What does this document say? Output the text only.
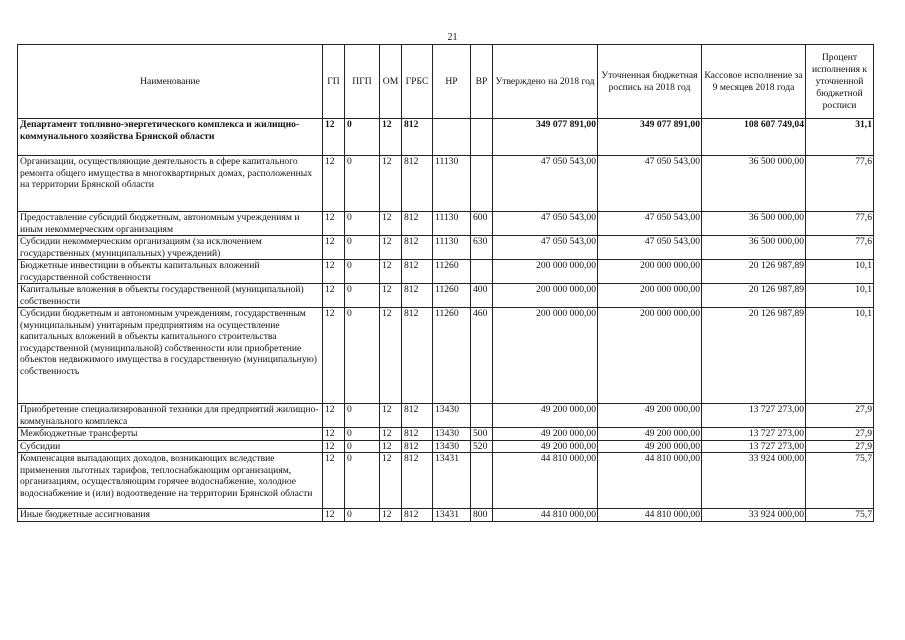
21
Наименование	ГП	ПГП	ОМ	ГРБС	НР	ВР	Утверждено на 2018 год	Уточненная бюджетная роспись на 2018 год	Кассовое исполнение за 9 месяцев 2018 года	Процент исполнения к уточненной бюджетной росписи
Департамент топливно-энергетического комплекса и жилищно-коммунального хозяйства Брянской области	12	0	12	812			349 077 891,00	349 077 891,00	108 607 749,04	31,1
Организации, осуществляющие деятельность в сфере капитального ремонта общего имущества в многоквартирных домах, расположенных на территории Брянской области	12	0	12	812	11130		47 050 543,00	47 050 543,00	36 500 000,00	77,6
Предоставление субсидий бюджетным, автономным учреждениям и иным некоммерческим организациям	12	0	12	812	11130	600	47 050 543,00	47 050 543,00	36 500 000,00	77,6
Субсидии некоммерческим организациям (за исключением государственных (муниципальных) учреждений)	12	0	12	812	11130	630	47 050 543,00	47 050 543,00	36 500 000,00	77,6
Бюджетные инвестиции в объекты капитальных вложений государственной собственности	12	0	12	812	11260		200 000 000,00	200 000 000,00	20 126 987,89	10,1
Капитальные вложения в объекты государственной (муниципальной) собственности	12	0	12	812	11260	400	200 000 000,00	200 000 000,00	20 126 987,89	10,1
Субсидии бюджетным и автономным учреждениям, государственным (муниципальным) унитарным предприятиям на осуществление капитальных вложений в объекты капитального строительства государственной (муниципальной) собственности или приобретение объектов недвижимого имущества в государственную (муниципальную) собственность	12	0	12	812	11260	460	200 000 000,00	200 000 000,00	20 126 987,89	10,1
Приобретение специализированной техники для предприятий жилищно-коммунального комплекса	12	0	12	812	13430		49 200 000,00	49 200 000,00	13 727 273,00	27,9
Межбюджетные трансферты	12	0	12	812	13430	500	49 200 000,00	49 200 000,00	13 727 273,00	27,9
Субсидии	12	0	12	812	13430	520	49 200 000,00	49 200 000,00	13 727 273,00	27,9
Компенсация выпадающих доходов, возникающих вследствие применения льготных тарифов, теплоснабжающим организациям, организациям, осуществляющим горячее водоснабжение, холодное водоснабжение и (или) водоотведение на территории Брянской области	12	0	12	812	13431		44 810 000,00	44 810 000,00	33 924 000,00	75,7
Иные бюджетные ассигнования	12	0	12	812	13431	800	44 810 000,00	44 810 000,00	33 924 000,00	75,7
